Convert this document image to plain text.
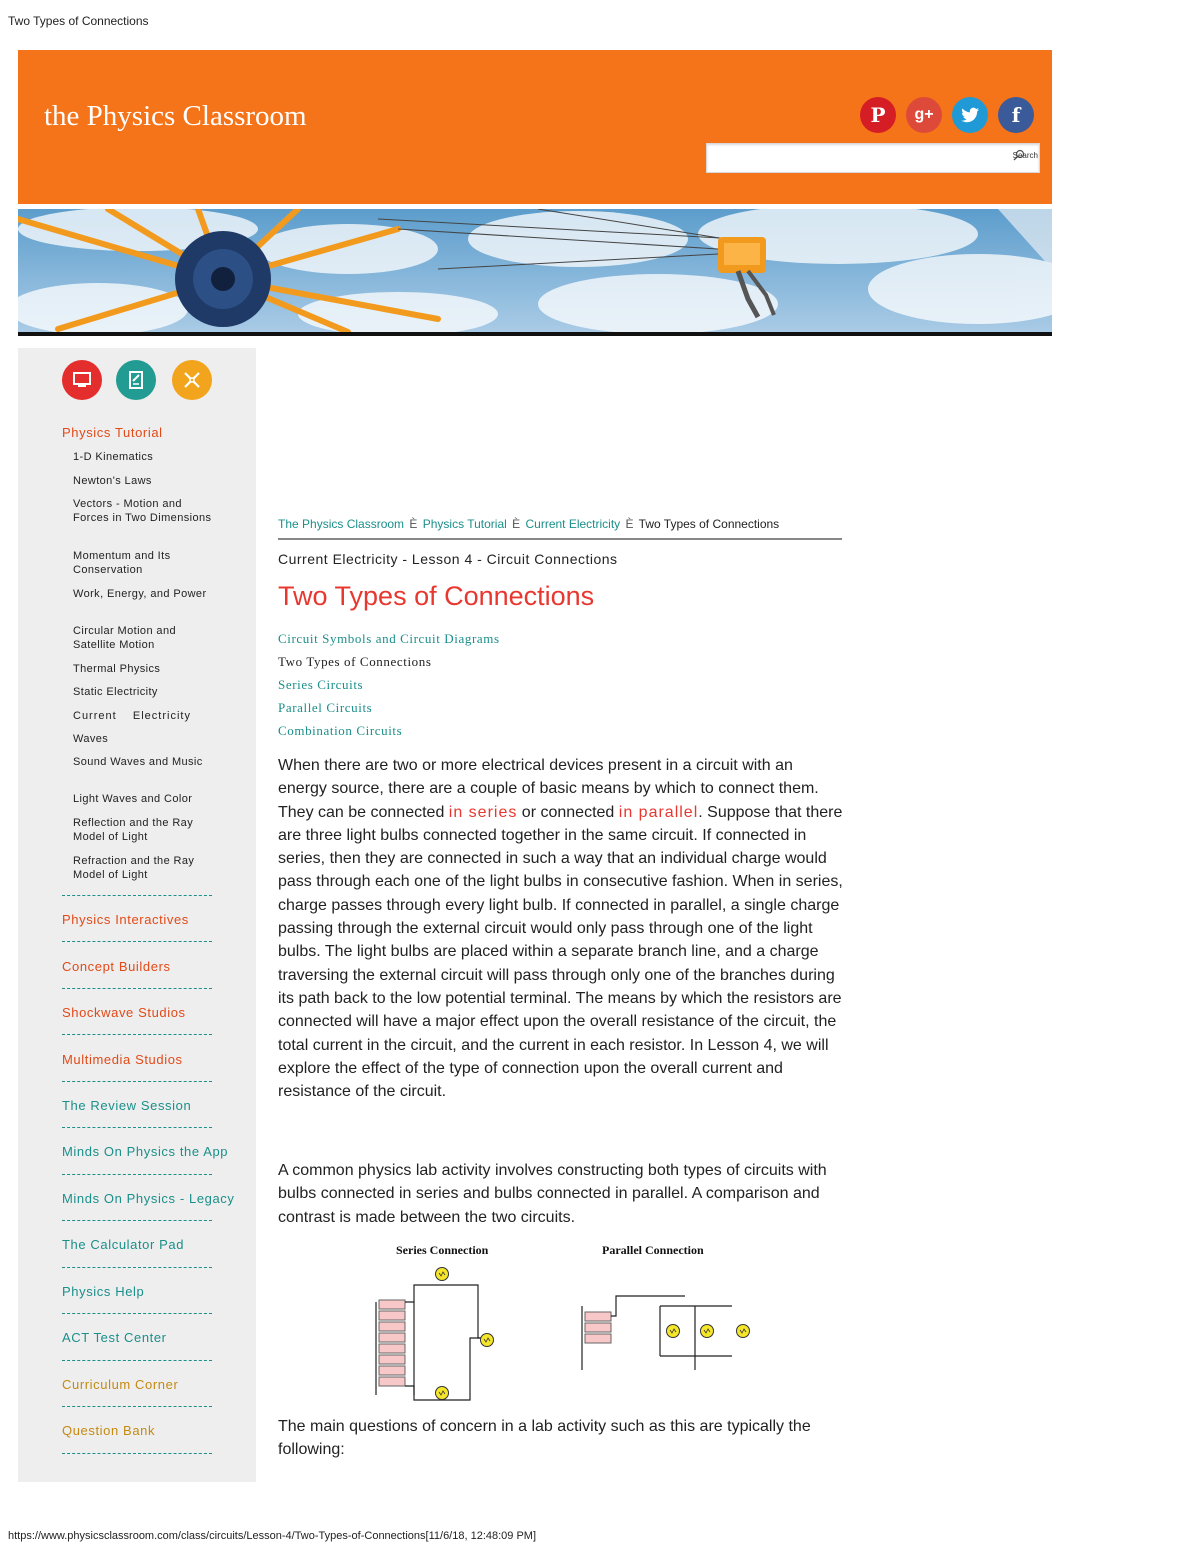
Two Types of Connections
the Physics Classroom	P	g+	f
Search
Physics Tutorial
1-D Kinematics
Newton's Laws
Vectors - Motion and Forces in Two Dimensions
Momentum and Its Conservation
Work, Energy, and Power
Circular Motion and Satellite Motion
Thermal Physics
Static Electricity
Current    Electricity
Waves
Sound Waves and Music
Light Waves and Color
Reflection and the Ray Model of Light
Refraction and the Ray Model of Light
Physics Interactives
Concept Builders
Shockwave Studios
Multimedia Studios
The Review Session
Minds On Physics the App
Minds On Physics - Legacy
The Calculator Pad
Physics Help
ACT Test Center
Curriculum Corner
Question Bank
The Physics Classroom È Physics Tutorial È Current Electricity È Two Types of Connections
Current Electricity - Lesson 4 - Circuit Connections
Two Types of Connections
Circuit Symbols and Circuit Diagrams
Two Types of Connections
Series Circuits
Parallel Circuits
Combination Circuits

When there are two or more electrical devices present in a circuit with an energy source, there are a couple of basic means by which to connect them. They can be connected in series or connected in parallel. Suppose that there are three light bulbs connected together in the same circuit. If connected in series, then they are connected in such a way that an individual charge would pass through each one of the light bulbs in consecutive fashion. When in series, charge passes through every light bulb. If connected in parallel, a single charge passing through the external circuit would only pass through one of the light bulbs. The light bulbs are placed within a separate branch line, and a charge traversing the external circuit will pass through only one of the branches during its path back to the low potential terminal. The means by which the resistors are connected will have a major effect upon the overall resistance of the circuit, the total current in the circuit, and the current in each resistor. In Lesson 4, we will explore the effect of the type of connection upon the overall current and resistance of the circuit.

A common physics lab activity involves constructing both types of circuits with bulbs connected in series and bulbs connected in parallel. A comparison and contrast is made between the two circuits.

Series Connection	Parallel Connection

The main questions of concern in a lab activity such as this are typically the following:

https://www.physicsclassroom.com/class/circuits/Lesson-4/Two-Types-of-Connections[11/6/18, 12:48:09 PM]
